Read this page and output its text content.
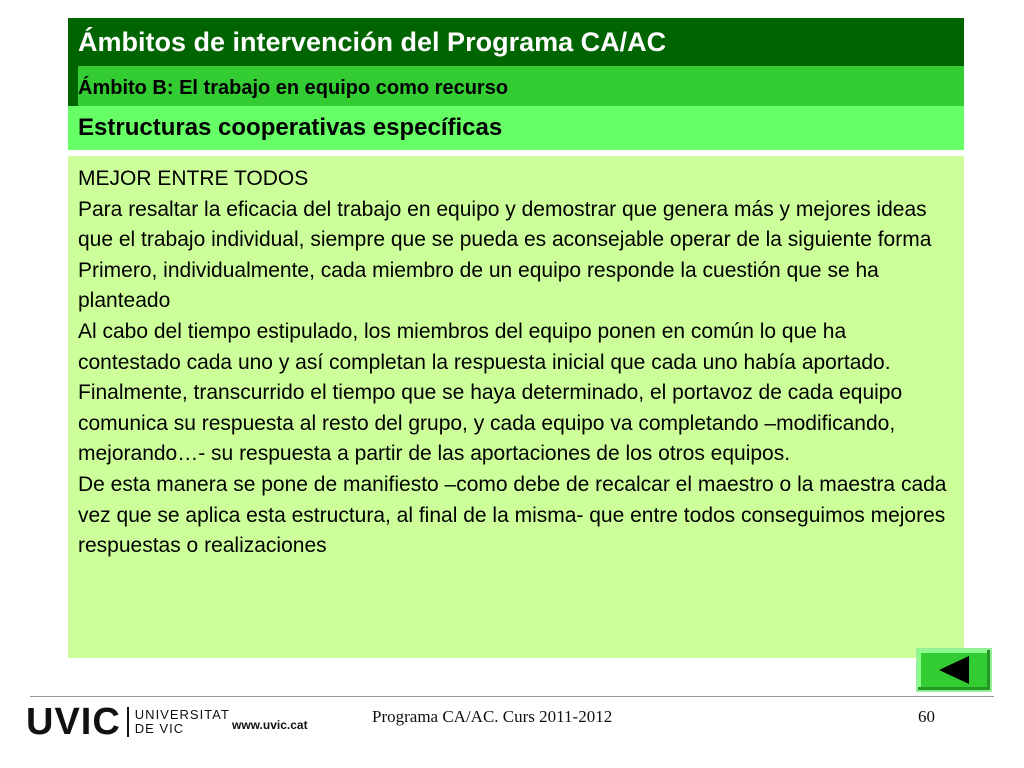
Ámbitos de intervención del Programa CA/AC
Ámbito B: El trabajo en equipo como recurso
Estructuras cooperativas específicas

MEJOR ENTRE TODOS

Para resaltar la eficacia del trabajo en equipo y demostrar que genera más y mejores ideas que el trabajo individual, siempre que se pueda es aconsejable operar de la siguiente forma

Primero, individualmente, cada miembro de un equipo responde la cuestión que se ha planteado

Al cabo del tiempo estipulado, los miembros del equipo ponen en común lo que ha contestado cada uno y así completan la respuesta inicial que cada uno había aportado.

Finalmente, transcurrido el tiempo que se haya determinado, el portavoz de cada equipo comunica su respuesta al resto del grupo, y cada equipo va completando –modificando, mejorando…- su respuesta a partir de las aportaciones de los otros equipos.

De esta manera se pone de manifiesto –como debe de recalcar el maestro o la maestra cada vez que se aplica esta estructura, al final de la misma- que entre todos conseguimos mejores respuestas o realizaciones

UVIC UNIVERSITAT
DE VIC	www.uvic.cat	Programa CA/AC. Curs 2011-2012	60
